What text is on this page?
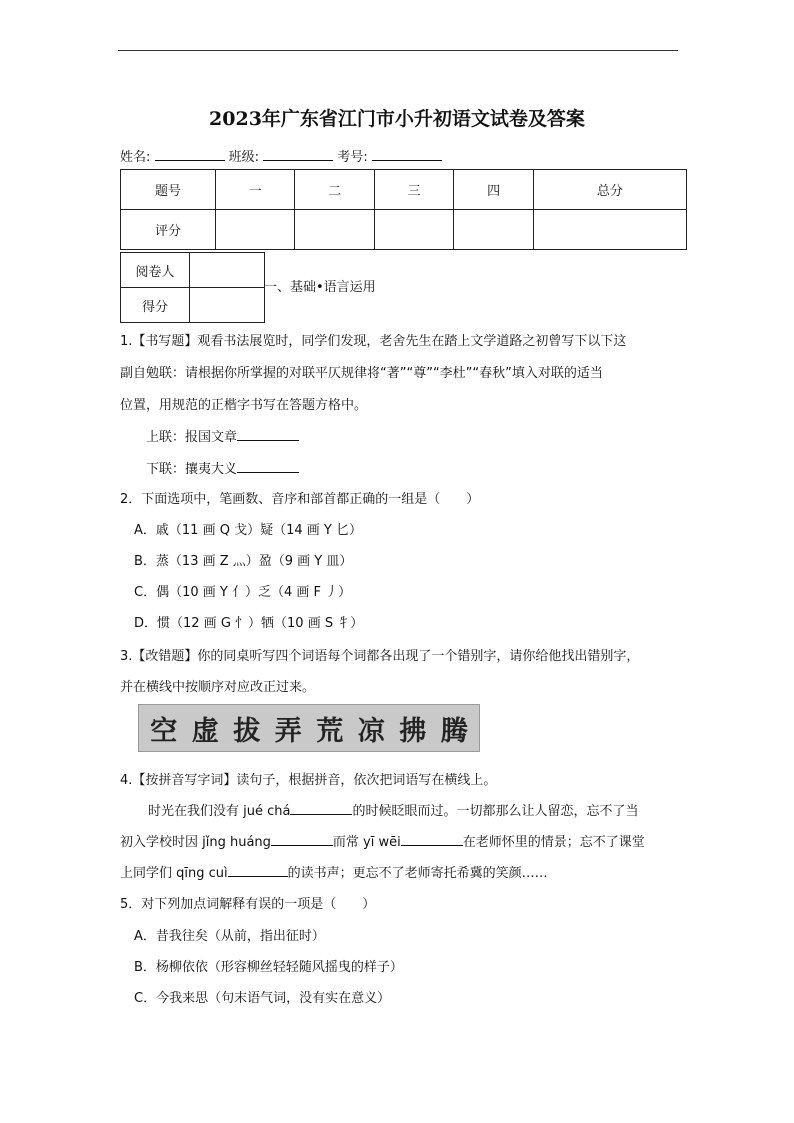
2023年广东省江门市小升初语文试卷及答案
姓名:	班级:	考号:
题号	一	二	三	四	总分
评分					
阅卷人	
得分	
一、基础•语言运用
1.【书写题】观看书法展览时，同学们发现，老舍先生在踏上文学道路之初曾写下以下这
副自勉联：请根据你所掌握的对联平仄规律将“著”“尊”“李杜”“春秋”填入对联的适当
位置，用规范的正楷字书写在答题方格中。
上联：报国文章
下联：攘夷大义
2．下面选项中，笔画数、音序和部首都正确的一组是（　　）
A．戚（11 画 Q 戈）疑（14 画 Y 匕）
B．蒸（13 画 Z 灬）盈（9 画 Y 皿）
C．偶（10 画 Y 亻）乏（4 画 F 丿）
D．惯（12 画 G 忄）牺（10 画 S 牜）
3.【改错题】你的同桌听写四个词语每个词都各出现了一个错别字，请你给他找出错别字，
并在横线中按顺序对应改正过来。
空 虚 拔 弄 荒 凉 拂 腾
4.【按拼音写字词】读句子，根据拼音，依次把词语写在横线上。
时光在我们没有 jué chá	的时候眨眼而过。一切都那么让人留恋，忘不了当
初入学校时因 jǐng huáng	而常 yī wēi	在老师怀里的情景；忘不了课堂
上同学们 qīng cuì	的读书声；更忘不了老师寄托希冀的笑颜……
5．对下列加点词解释有误的一项是（　　）
A．昔我往矣（从前，指出征时）
B．杨柳依依（形容柳丝轻轻随风摇曳的样子）
C．今我来思（句末语气词，没有实在意义）
